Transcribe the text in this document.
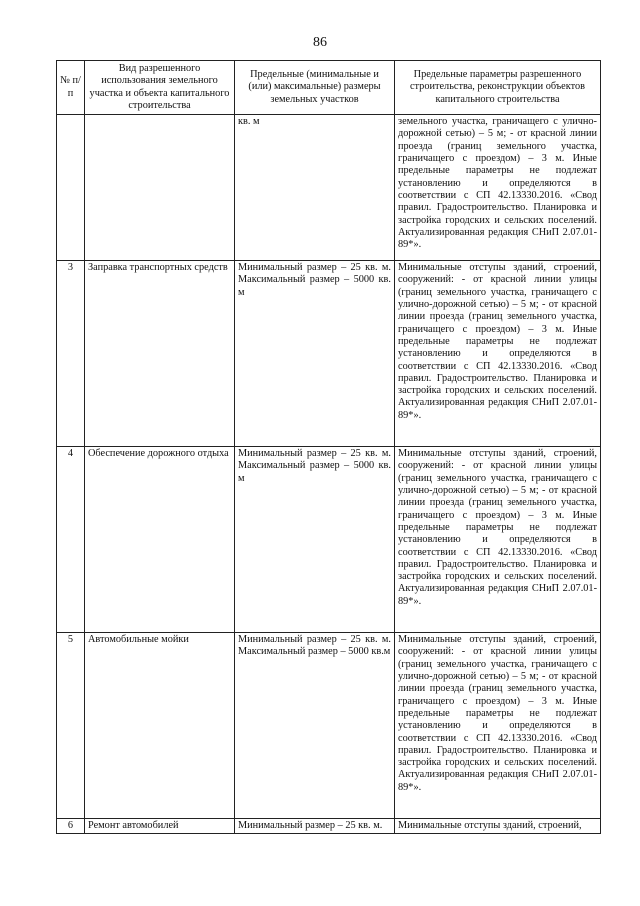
86
№ п/п	Вид разрешенного использования земельного участка и объекта капитального строительства	Предельные (минимальные и (или) максимальные) размеры земельных участков	Предельные параметры разрешенного строительства, реконструкции объектов капитального строительства
		кв. м	земельного участка, граничащего с улично-дорожной сетью) – 5 м; - от красной линии проезда (границ земельного участка, граничащего с проездом) – 3 м. Иные предельные параметры не подлежат установлению и определяются в соответствии с СП 42.13330.2016. «Свод правил. Градостроительство. Планировка и застройка городских и сельских поселений. Актуализированная редакция СНиП 2.07.01-89*».
3	Заправка транспортных средств	Минимальный размер – 25 кв. м. Максимальный размер – 5000 кв. м	Минимальные отступы зданий, строений, сооружений: - от красной линии улицы (границ земельного участка, граничащего с улично-дорожной сетью) – 5 м; - от красной линии проезда (границ земельного участка, граничащего с проездом) – 3 м. Иные предельные параметры не подлежат установлению и определяются в соответствии с СП 42.13330.2016. «Свод правил. Градостроительство. Планировка и застройка городских и сельских поселений. Актуализированная редакция СНиП 2.07.01-89*».
4	Обеспечение дорожного отдыха	Минимальный размер – 25 кв. м. Максимальный размер – 5000 кв. м	Минимальные отступы зданий, строений, сооружений: - от красной линии улицы (границ земельного участка, граничащего с улично-дорожной сетью) – 5 м; - от красной линии проезда (границ земельного участка, граничащего с проездом) – 3 м. Иные предельные параметры не подлежат установлению и определяются в соответствии с СП 42.13330.2016. «Свод правил. Градостроительство. Планировка и застройка городских и сельских поселений. Актуализированная редакция СНиП 2.07.01-89*».
5	Автомобильные мойки	Минимальный размер – 25 кв. м. Максимальный размер – 5000 кв.м	Минимальные отступы зданий, строений, сооружений: - от красной линии улицы (границ земельного участка, граничащего с улично-дорожной сетью) – 5 м; - от красной линии проезда (границ земельного участка, граничащего с проездом) – 3 м. Иные предельные параметры не подлежат установлению и определяются в соответствии с СП 42.13330.2016. «Свод правил. Градостроительство. Планировка и застройка городских и сельских поселений. Актуализированная редакция СНиП 2.07.01-89*».
6	Ремонт автомобилей	Минимальный размер – 25 кв. м.	Минимальные отступы зданий, строений,
